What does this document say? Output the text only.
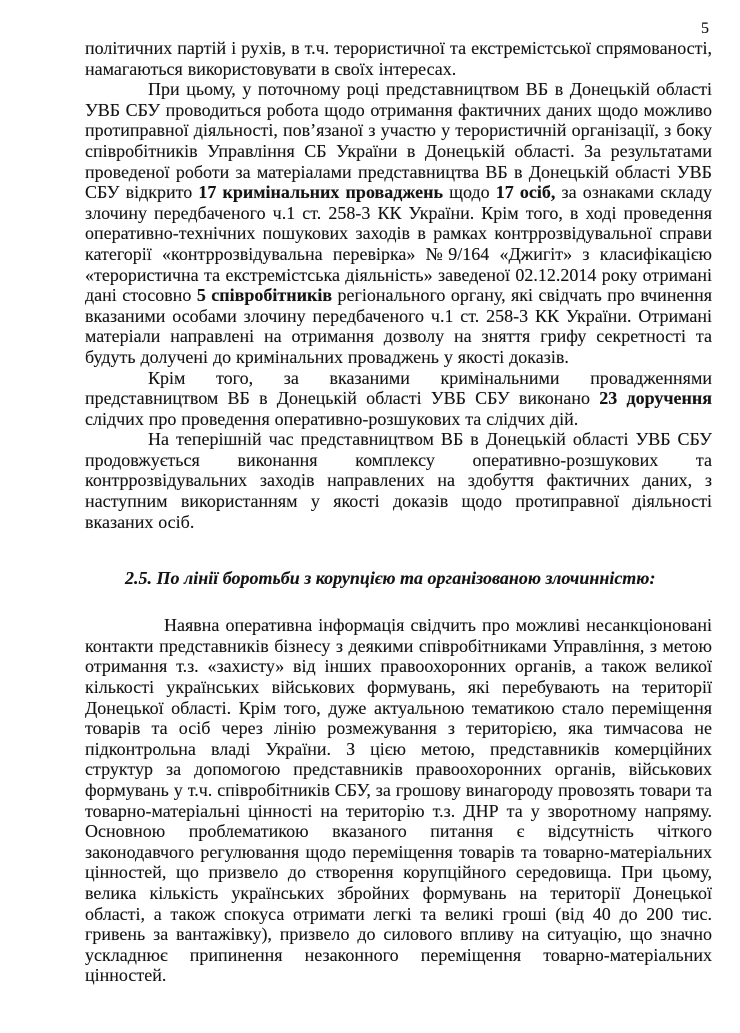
5

політичних партій і рухів, в т.ч. терористичної та екстремістської спрямованості, намагаються використовувати в своїх інтересах.

При цьому, у поточному році представництвом ВБ в Донецькій області УВБ СБУ проводиться робота щодо отримання фактичних даних щодо можливо протиправної діяльності, пов’язаної з участю у терористичній організації, з боку співробітників Управління СБ України в Донецькій області. За результатами проведеної роботи за матеріалами представництва ВБ в Донецькій області УВБ СБУ відкрито 17 кримінальних проваджень щодо 17 осіб, за ознаками складу злочину передбаченого ч.1 ст. 258-3 КК України. Крім того, в ході проведення оперативно-технічних пошукових заходів в рамках контррозвідувальної справи категорії «контррозвідувальна перевірка» №9/164 «Джигіт» з класифікацією «терористична та екстремістська діяльність» заведеної 02.12.2014 року отримані дані стосовно 5 співробітників регіонального органу, які свідчать про вчинення вказаними особами злочину передбаченого ч.1 ст. 258-3 КК України. Отримані матеріали направлені на отримання дозволу на зняття грифу секретності та будуть долучені до кримінальних проваджень у якості доказів.

Крім того, за вказаними кримінальними провадженнями представництвом ВБ в Донецькій області УВБ СБУ виконано 23 доручення слідчих про проведення оперативно-розшукових та слідчих дій.

На теперішній час представництвом ВБ в Донецькій області УВБ СБУ продовжується виконання комплексу оперативно-розшукових та контррозвідувальних заходів направлених на здобуття фактичних даних, з наступним використанням у якості доказів щодо протиправної діяльності вказаних осіб.

2.5. По лінії боротьби з корупцією та організованою злочинністю:

Наявна оперативна інформація свідчить про можливі несанкціоновані контакти представників бізнесу з деякими співробітниками Управління, з метою отримання т.з. «захисту» від інших правоохоронних органів, а також великої кількості українських військових формувань, які перебувають на території Донецької області. Крім того, дуже актуальною тематикою стало переміщення товарів та осіб через лінію розмежування з територією, яка тимчасова не підконтрольна владі України. З цією метою, представників комерційних структур за допомогою представників правоохоронних органів, військових формувань у т.ч. співробітників СБУ, за грошову винагороду провозять товари та товарно-матеріальні цінності на територію т.з. ДНР та у зворотному напряму. Основною проблематикою вказаного питання є відсутність чіткого законодавчого регулювання щодо переміщення товарів та товарно-матеріальних цінностей, що призвело до створення корупційного середовища. При цьому, велика кількість українських збройних формувань на території Донецької області, а також спокуса отримати легкі та великі гроші (від 40 до 200 тис. гривень за вантажівку), призвело до силового впливу на ситуацію, що значно ускладнює припинення незаконного переміщення товарно-матеріальних цінностей.
